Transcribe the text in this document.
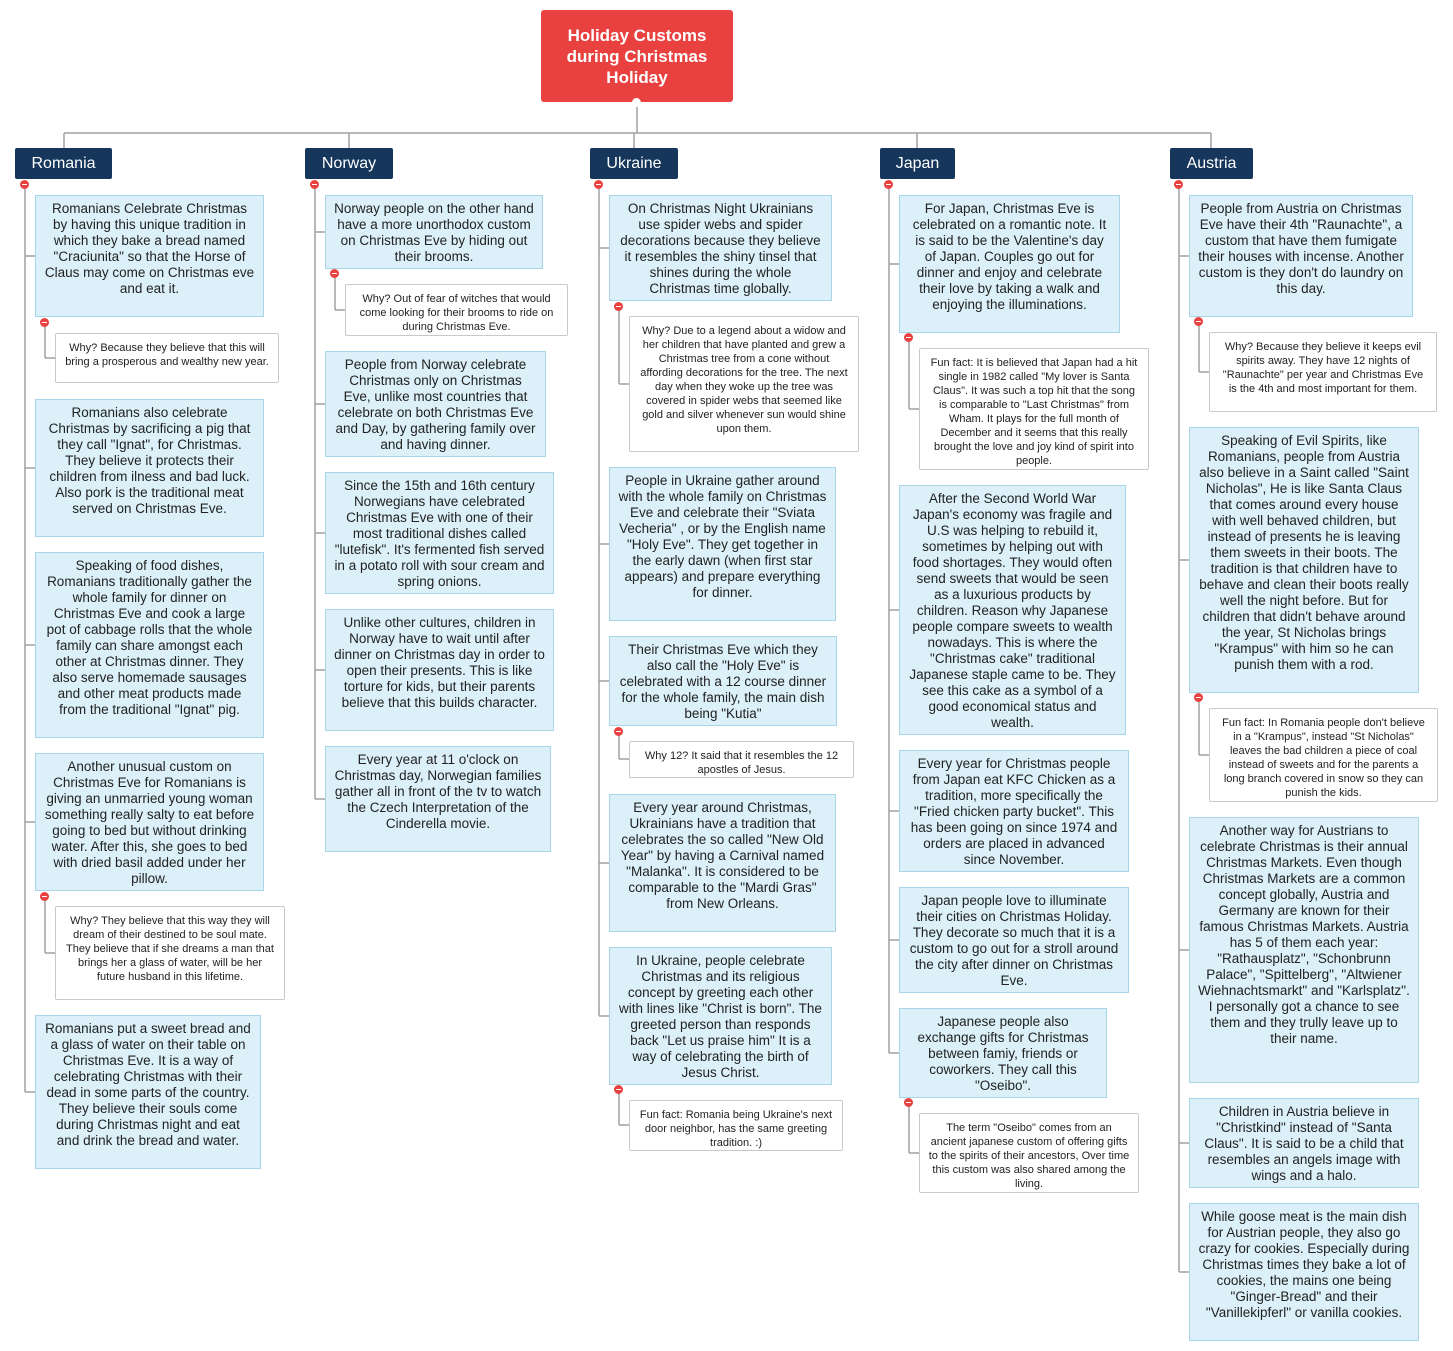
Holiday Customs during Christmas Holiday
Romania
Romanians Celebrate Christmas by having this unique tradition in which they bake a bread named "Craciunita" so that the Horse of Claus may come on Christmas eve and eat it.
Why? Because they believe that this will bring a prosperous and wealthy new year.
Romanians also celebrate Christmas by sacrificing a pig that they call "Ignat", for Christmas. They believe it protects their children from ilness and bad luck. Also pork is the traditional meat served on Christmas Eve.
Speaking of food dishes, Romanians traditionally gather the whole family for dinner on Christmas Eve and cook a large pot of cabbage rolls that the whole family can share amongst each other at Christmas dinner. They also serve homemade sausages and other meat products made from the traditional "Ignat" pig.
Another unusual custom on Christmas Eve for Romanians is giving an unmarried young woman something really salty to eat before going to bed but without drinking water. After this, she goes to bed with dried basil added under her pillow.
Why? They believe that this way they will dream of their destined to be soul mate. They believe that if she dreams a man that brings her a glass of water, will be her future husband in this lifetime.
Romanians put a sweet bread and a glass of water on their table on Christmas Eve. It is a way of celebrating Christmas with their dead in some parts of the country. They believe their souls come during Christmas night and eat and drink the bread and water.
Norway
Norway people on the other hand have a more unorthodox custom on Christmas Eve by hiding out their brooms.
Why? Out of fear of witches that would come looking for their brooms to ride on during Christmas Eve.
People from Norway celebrate Christmas only on Christmas Eve, unlike most countries that celebrate on both Christmas Eve and Day, by gathering family over and having dinner.
Since the 15th and 16th century Norwegians have celebrated Christmas Eve with one of their most traditional dishes called "lutefisk". It's fermented fish served in a potato roll with sour cream and spring onions.
Unlike other cultures, children in Norway have to wait until after dinner on Christmas day in order to open their presents. This is like torture for kids, but their parents believe that this builds character.
Every year at 11 o'clock on Christmas day, Norwegian families gather all in front of the tv to watch the Czech Interpretation of the Cinderella movie.
Ukraine
On Christmas Night Ukrainians use spider webs and spider decorations because they believe it resembles the shiny tinsel that shines during the whole Christmas time globally.
Why? Due to a legend about a widow and her children that have planted and grew a Christmas tree from a cone without affording decorations for the tree. The next day when they woke up the tree was covered in spider webs that seemed like gold and silver whenever sun would shine upon them.
People in Ukraine gather around with the whole family on Christmas Eve and celebrate their "Sviata Vecheria" , or by the English name "Holy Eve". They get together in the early dawn (when first star appears) and prepare everything for dinner.
Their Christmas Eve which they also call the "Holy Eve" is celebrated with a 12 course dinner for the whole family, the main dish being "Kutia"
Why 12? It said that it resembles the 12 apostles of Jesus.
Every year around Christmas, Ukrainians have a tradition that celebrates the so called "New Old Year" by having a Carnival named "Malanka". It is considered to be comparable to the "Mardi Gras" from New Orleans.
In Ukraine, people celebrate Christmas and its religious concept by greeting each other with lines like "Christ is born". The greeted person than responds back "Let us praise him" It is a way of celebrating the birth of Jesus Christ.
Fun fact: Romania being Ukraine's next door neighbor, has the same greeting tradition. :)
Japan
For Japan, Christmas Eve is celebrated on a romantic note. It is said to be the Valentine's day of Japan. Couples go out for dinner and enjoy and celebrate their love by taking a walk and enjoying the illuminations.
Fun fact: It is believed that Japan had a hit single in 1982 called "My lover is Santa Claus". It was such a top hit that the song is comparable to "Last Christmas" from Wham. It plays for the full month of December and it seems that this really brought the love and joy kind of spirit into people.
After the Second World War Japan's economy was fragile and U.S was helping to rebuild it, sometimes by helping out with food shortages. They would often send sweets that would be seen as a luxurious products by children. Reason why Japanese people compare sweets to wealth nowadays. This is where the "Christmas cake" traditional Japanese staple came to be. They see this cake as a symbol of a good economical status and wealth.
Every year for Christmas people from Japan eat KFC Chicken as a tradition, more specifically the "Fried chicken party bucket". This has been going on since 1974 and orders are placed in advanced since November.
Japan people love to illuminate their cities on Christmas Holiday. They decorate so much that it is a custom to go out for a stroll around the city after dinner on Christmas Eve.
Japanese people also exchange gifts for Christmas between famiy, friends or coworkers. They call this "Oseibo".
The term "Oseibo" comes from an ancient japanese custom of offering gifts to the spirits of their ancestors, Over time this custom was also shared among the living.
Austria
People from Austria on Christmas Eve have their 4th "Raunachte", a custom that have them fumigate their houses with incense. Another custom is they don't do laundry on this day.
Why? Because they believe it keeps evil spirits away. They have 12 nights of "Raunachte" per year and Christmas Eve is the 4th and most important for them.
Speaking of Evil Spirits, like Romanians, people from Austria also believe in a Saint called "Saint Nicholas", He is like Santa Claus that comes around every house with well behaved children, but instead of presents he is leaving them sweets in their boots. The tradition is that children have to behave and clean their boots really well the night before. But for children that didn't behave around the year, St Nicholas brings "Krampus" with him so he can punish them with a rod.
Fun fact: In Romania people don't believe in a "Krampus", instead "St Nicholas" leaves the bad children a piece of coal instead of sweets and for the parents a long branch covered in snow so they can punish the kids.
Another way for Austrians to celebrate Christmas is their annual Christmas Markets. Even though Christmas Markets are a common concept globally, Austria and Germany are known for their famous Christmas Markets. Austria has 5 of them each year: "Rathausplatz", "Schonbrunn Palace", "Spittelberg", "Altwiener Wiehnachtsmarkt" and "Karlsplatz". I personally got a chance to see them and they trully leave up to their name.
Children in Austria believe in "Christkind" instead of "Santa Claus". It is said to be a child that resembles an angels image with wings and a halo.
While goose meat is the main dish for Austrian people, they also go crazy for cookies. Especially during Christmas times they bake a lot of cookies, the mains one being "Ginger-Bread" and their "Vanillekipferl" or vanilla cookies.
